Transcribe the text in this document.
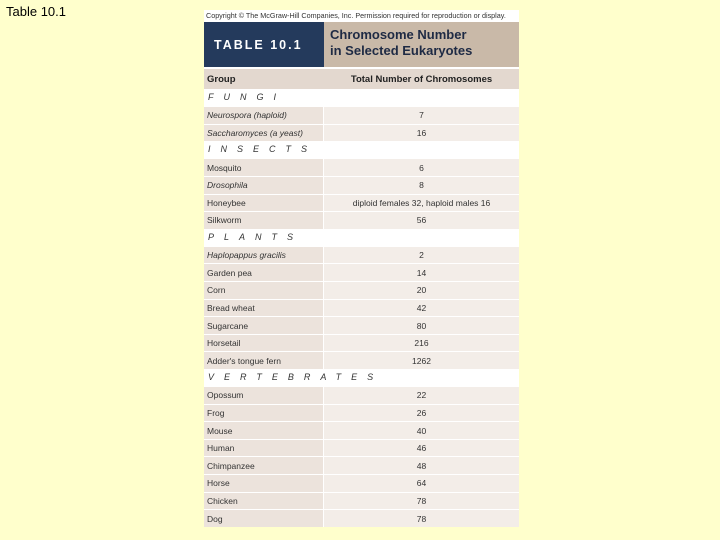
Table 10.1	Copyright © The McGraw-Hill Companies, Inc. Permission required for reproduction or display.
TABLE 10.1
Chromosome Number
in Selected Eukaryotes
Group	Total Number of Chromosomes
FUNGI
Neurospora (haploid)	7
Saccharomyces (a yeast)	16
INSECTS
Mosquito	6
Drosophila	8
Honeybee	diploid females 32, haploid males 16
Silkworm	56
PLANTS
Haplopappus gracilis	2
Garden pea	14
Corn	20
Bread wheat	42
Sugarcane	80
Horsetail	216
Adder's tongue fern	1262
VERTEBRATES
Opossum	22
Frog	26
Mouse	40
Human	46
Chimpanzee	48
Horse	64
Chicken	78
Dog	78
